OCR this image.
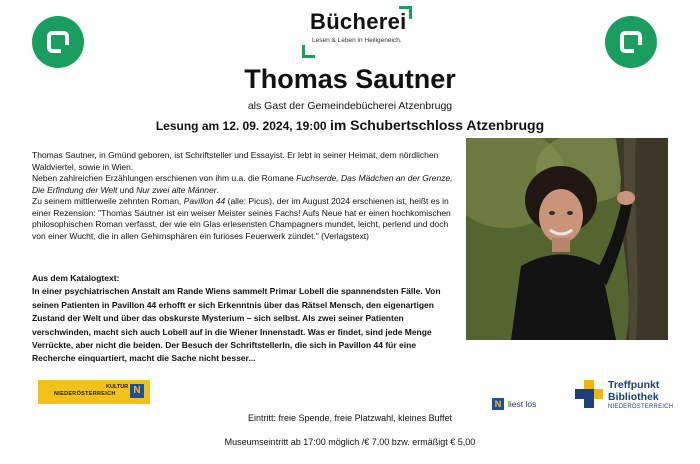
Bücherei
Lesen & Leben in Heiligeneich.
Thomas Sautner
als Gast der Gemeindebücherei Atzenbrugg
Lesung am 12. 09. 2024, 19:00 im Schubertschloss Atzenbrugg

Thomas Sautner, in Gmünd geboren, ist Schriftsteller und Essayist. Er lebt in seiner Heimat, dem nördlichen Waldviertel, sowie in Wien.

Neben zahlreichen Erzählungen erschienen von ihm u.a. die Romane Fuchserde, Das Mädchen an der Grenze, Die Erfindung der Welt und Nur zwei alte Männer.

Zu seinem mittlerweile zehnten Roman, Pavillon 44 (alle: Picus), der im August 2024 erschienen ist, heißt es in einer Rezension: "Thomas Sautner ist ein weiser Meister seines Fachs! Aufs Neue hat er einen hochkomischen philosophischen Roman verfasst, der wie ein Glas erlesensten Champagners mundet, leicht, perlend und doch von einer Wucht, die in allen Gehirnsphären ein furioses Feuerwerk zündet." (Verlagstext)

Aus dem Katalogtext:

In einer psychiatrischen Anstalt am Rande Wiens sammelt Primar Lobell die spannendsten Fälle. Von seinen Patienten in Pavillon 44 erhofft er sich Erkenntnis über das Rätsel Mensch, den eigenartigen Zustand der Welt und über das obskurste Mysterium – sich selbst. Als zwei seiner Patienten verschwinden, macht sich auch Lobell auf in die Wiener Innenstadt. Was er findet, sind jede Menge Verrückte, aber nicht die beiden. Der Besuch der SchriftstellerIn, die sich in Pavillon 44 für eine Recherche einquartiert, macht die Sache nicht besser...

KULTUR
NIEDERÖSTERREICH	N
N liest los
Treffpunkt
Bibliothek
NIEDERÖSTERREICH
Eintritt: freie Spende, freie Platzwahl, kleines Buffet
Museumseintritt ab 17:00 möglich /€ 7,00 bzw. ermäßigt € 5,00
